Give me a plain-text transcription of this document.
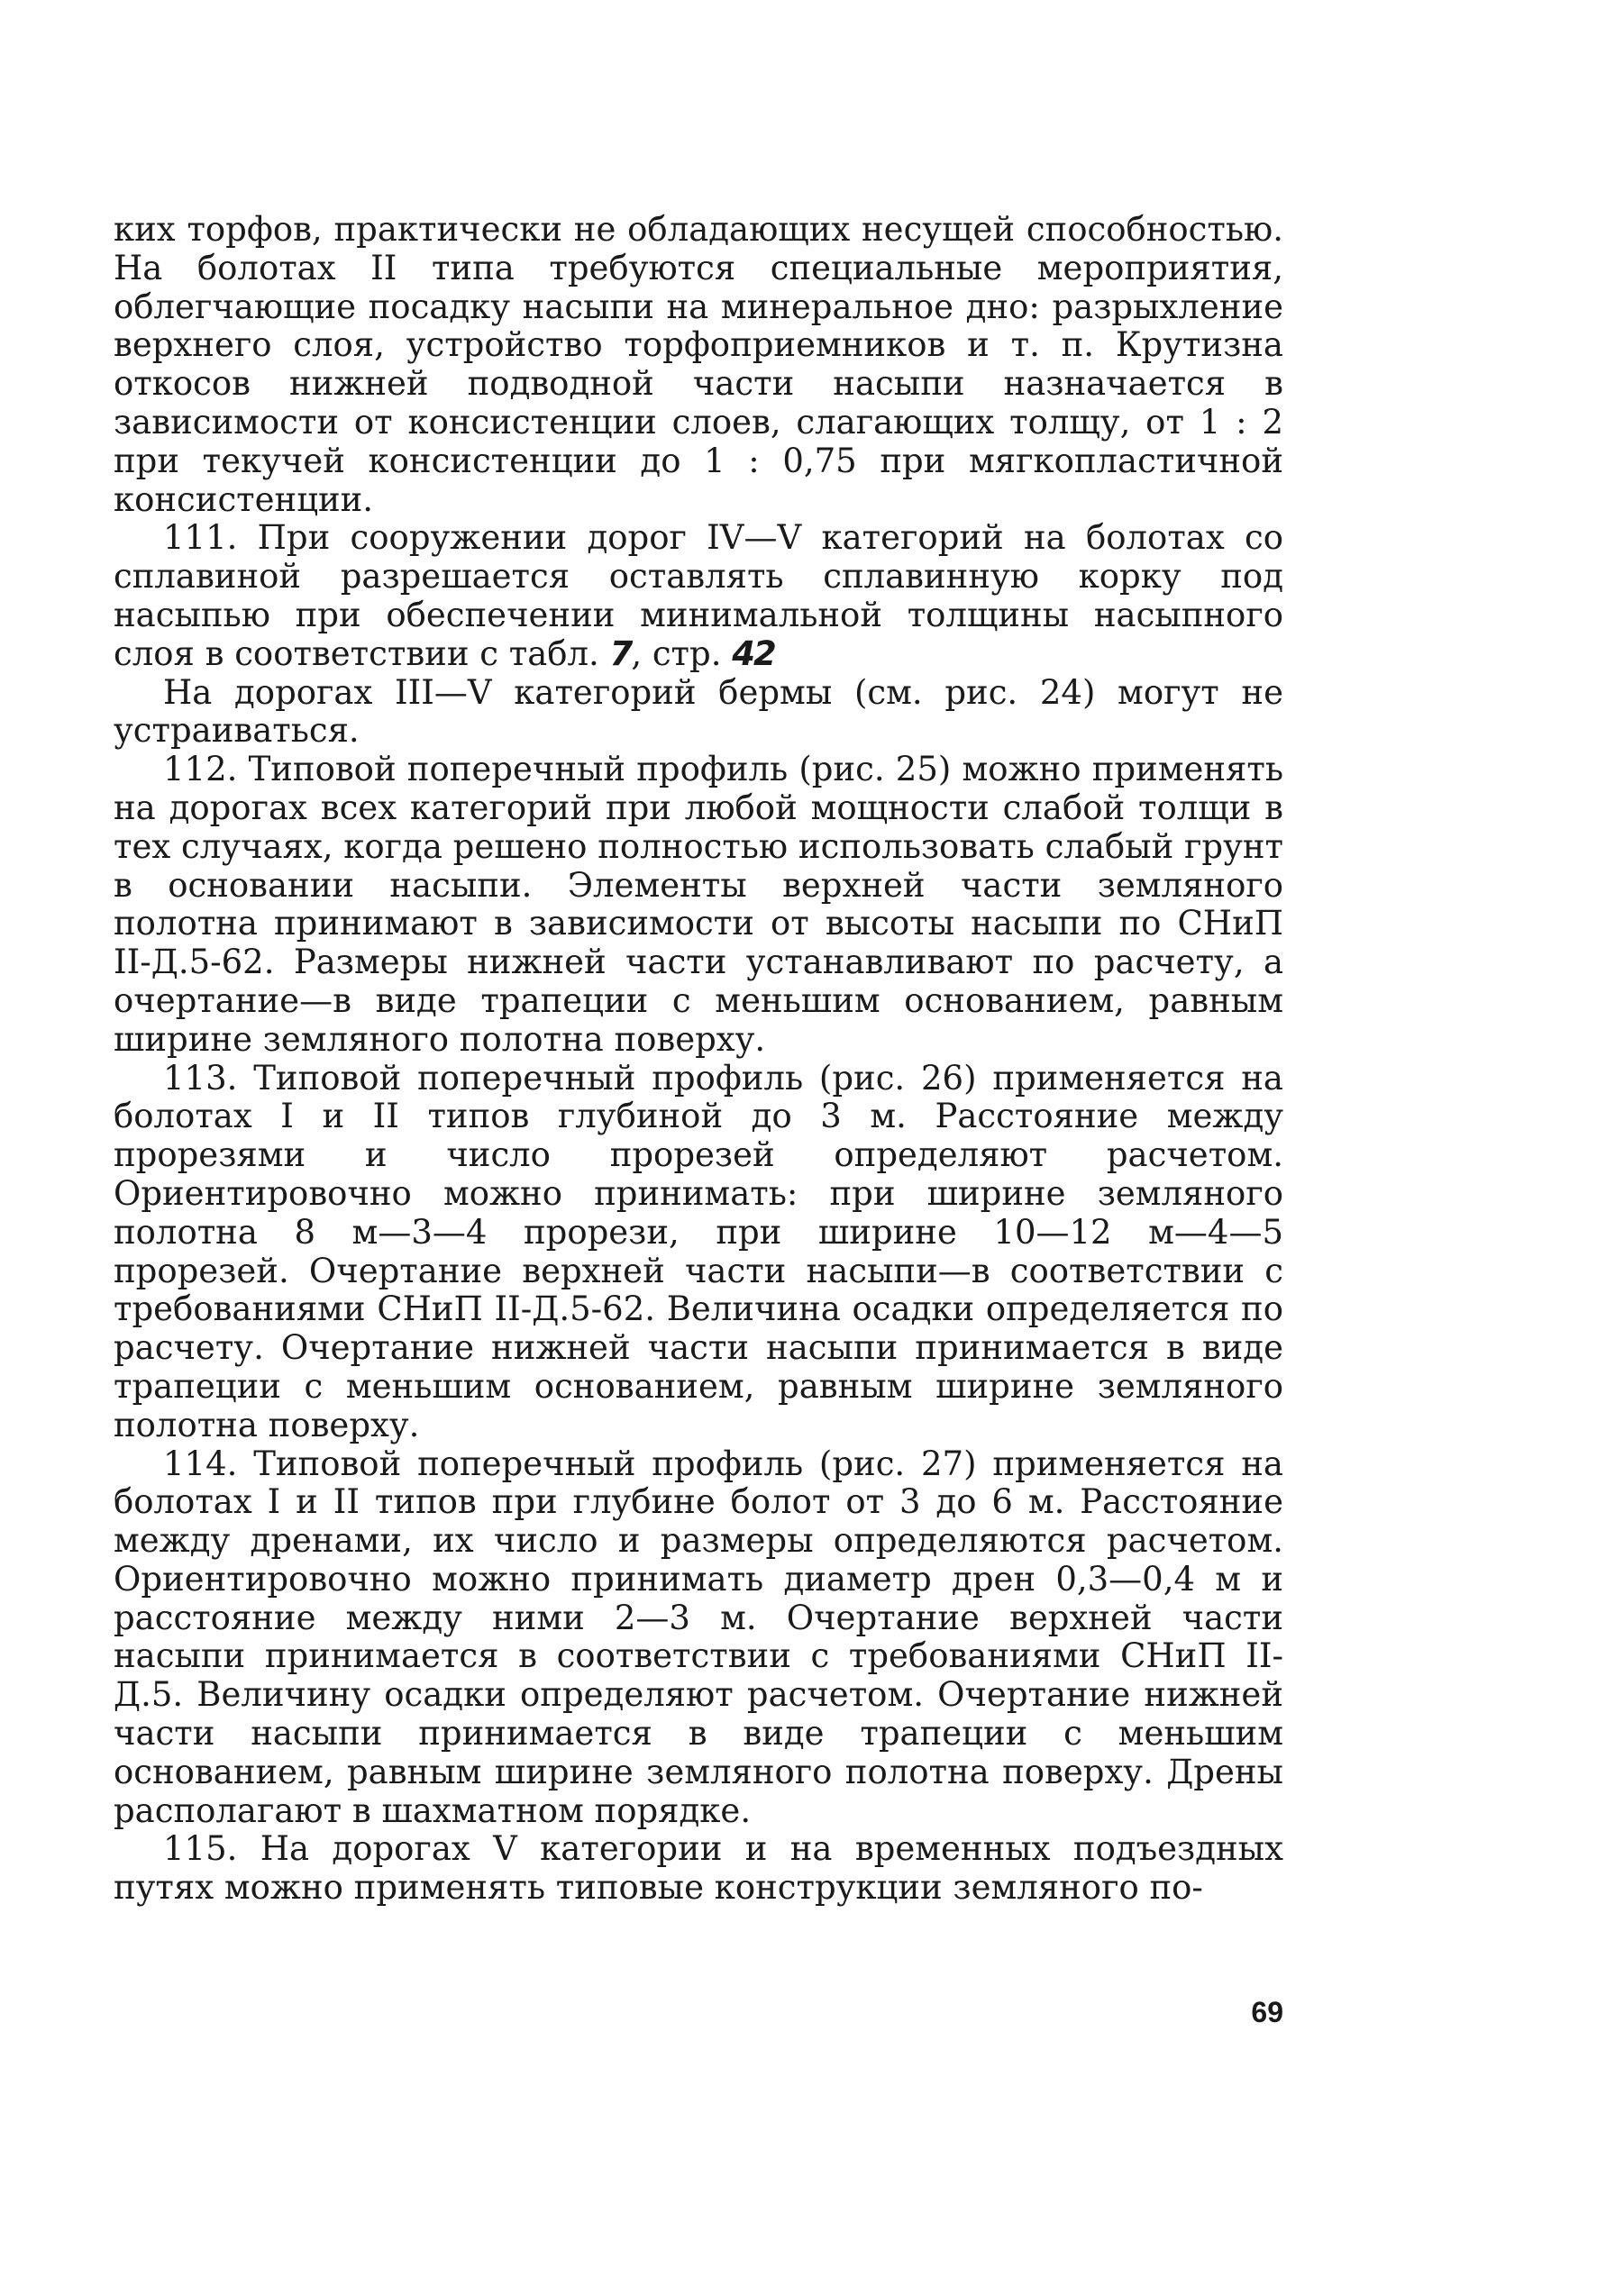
ких торфов, практически не обладающих несущей способностью. На болотах II типа требуются специальные мероприятия, облегчающие посадку насыпи на минеральное дно: разрыхление верхнего слоя, устройство торфоприемников и т. п. Крутизна откосов нижней подводной части насыпи назначается в зависимости от консистенции слоев, слагающих толщу, от 1 : 2 при текучей консистенции до 1 : 0,75 при мягкопластичной консистенции.

111. При сооружении дорог IV—V категорий на болотах со сплавиной разрешается оставлять сплавинную корку под насыпью при обеспечении минимальной толщины насыпного слоя в соответствии с табл. 7, стр. 42

На дорогах III—V категорий бермы (см. рис. 24) могут не устраиваться.

112. Типовой поперечный профиль (рис. 25) можно применять на дорогах всех категорий при любой мощности слабой толщи в тех случаях, когда решено полностью использовать слабый грунт в основании насыпи. Элементы верхней части земляного полотна принимают в зависимости от высоты насыпи по СНиП II-Д.5-62. Размеры нижней части устанавливают по расчету, а очертание—в виде трапеции с меньшим основанием, равным ширине земляного полотна поверху.

113. Типовой поперечный профиль (рис. 26) применяется на болотах I и II типов глубиной до 3 м. Расстояние между прорезями и число прорезей определяют расчетом. Ориентировочно можно принимать: при ширине земляного полотна 8 м—3—4 прорези, при ширине 10—12 м—4—5 прорезей. Очертание верхней части насыпи—в соответствии с требованиями СНиП II-Д.5-62. Величина осадки определяется по расчету. Очертание нижней части насыпи принимается в виде трапеции с меньшим основанием, равным ширине земляного полотна поверху.

114. Типовой поперечный профиль (рис. 27) применяется на болотах I и II типов при глубине болот от 3 до 6 м. Расстояние между дренами, их число и размеры определяются расчетом. Ориентировочно можно принимать диаметр дрен 0,3—0,4 м и расстояние между ними 2—3 м. Очертание верхней части насыпи принимается в соответствии с требованиями СНиП II-Д.5. Величину осадки определяют расчетом. Очертание нижней части насыпи принимается в виде трапеции с меньшим основанием, равным ширине земляного полотна поверху. Дрены располагают в шахматном порядке.

115. На дорогах V категории и на временных подъездных путях можно применять типовые конструкции земляного по-

69
